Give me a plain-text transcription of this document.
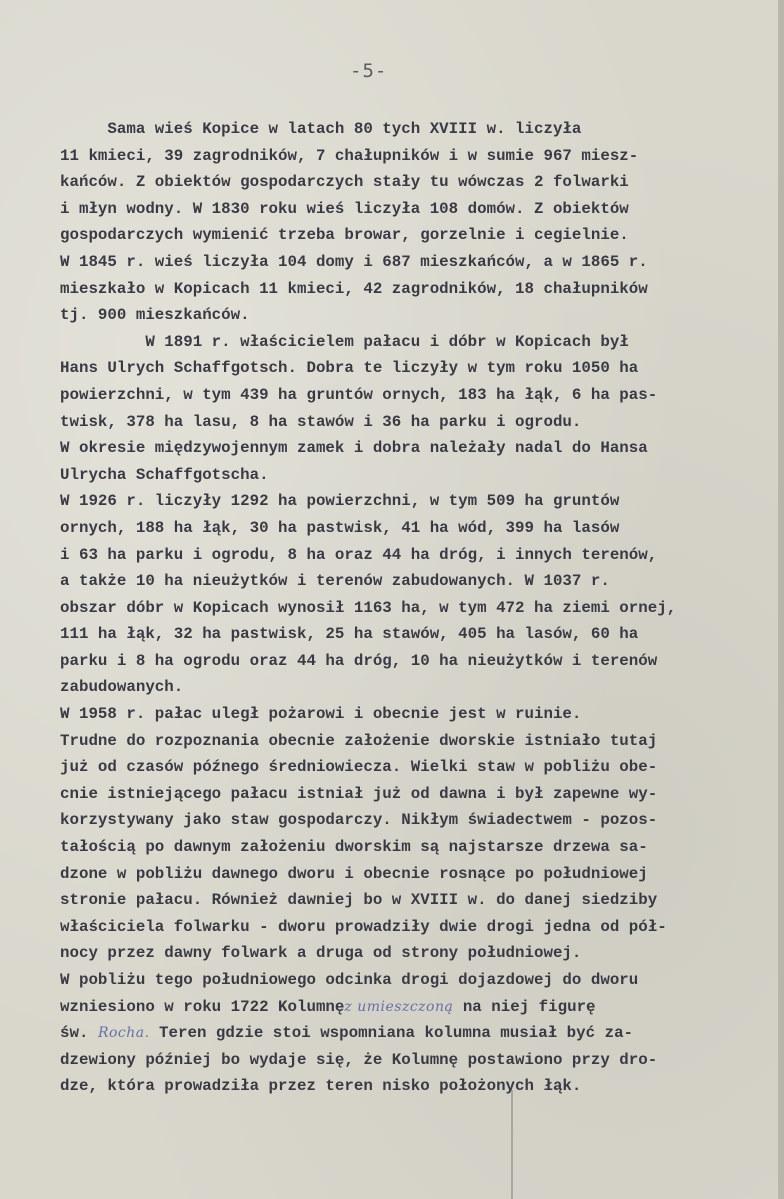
-5-
Sama wieś Kopice w latach 80 tych XVIII w. liczyła
11 kmieci, 39 zagrodników, 7 chałupników i w sumie 967 miesz-
kańców. Z obiektów gospodarczych stały tu wówczas 2 folwarki
i młyn wodny. W 1830 roku wieś liczyła 108 domów. Z obiektów
gospodarczych wymienić trzeba browar, gorzelnie i cegielnie.
W 1845 r. wieś liczyła 104 domy i 687 mieszkańców, a w 1865 r.
mieszkało w Kopicach 11 kmieci, 42 zagrodników, 18 chałupników
tj. 900 mieszkańców.
W 1891 r. właścicielem pałacu i dóbr w Kopicach był
Hans Ulrych Schaffgotsch. Dobra te liczyły w tym roku 1050 ha
powierzchni, w tym 439 ha gruntów ornych, 183 ha łąk, 6 ha pas-
twisk, 378 ha lasu, 8 ha stawów i 36 ha parku i ogrodu.
W okresie międzywojennym zamek i dobra należały nadal do Hansa
Ulrycha Schaffgotscha.
W 1926 r. liczyły 1292 ha powierzchni, w tym 509 ha gruntów
ornych, 188 ha łąk, 30 ha pastwisk, 41 ha wód, 399 ha lasów
i 63 ha parku i ogrodu, 8 ha oraz 44 ha dróg, i innych terenów,
a także 10 ha nieużytków i terenów zabudowanych. W 1037 r.
obszar dóbr w Kopicach wynosił 1163 ha, w tym 472 ha ziemi ornej,
111 ha łąk, 32 ha pastwisk, 25 ha stawów, 405 ha lasów, 60 ha
parku i 8 ha ogrodu oraz 44 ha dróg, 10 ha nieużytków i terenów
zabudowanych.
W 1958 r. pałac uległ pożarowi i obecnie jest w ruinie.
Trudne do rozpoznania obecnie założenie dworskie istniało tutaj
już od czasów późnego średniowiecza. Wielki staw w pobliżu obe-
cnie istniejącego pałacu istniał już od dawna i był zapewne wy-
korzystywany jako staw gospodarczy. Nikłym świadectwem - pozos-
tałością po dawnym założeniu dworskim są najstarsze drzewa sa-
dzone w pobliżu dawnego dworu i obecnie rosnące po południowej
stronie pałacu. Również dawniej bo w XVIII w. do danej siedziby
właściciela folwarku - dworu prowadziły dwie drogi jedna od pół-
nocy przez dawny folwark a druga od strony południowej.
W pobliżu tego południowego odcinka drogi dojazdowej do dworu
wzniesiono w roku 1722 Kolumnęz umieszczoną na niej figurę
św. Rocha. Teren gdzie stoi wspomniana kolumna musiał być za-
dzewiony później bo wydaje się, że Kolumnę postawiono przy dro-
dze, która prowadziła przez teren nisko położonych łąk.
